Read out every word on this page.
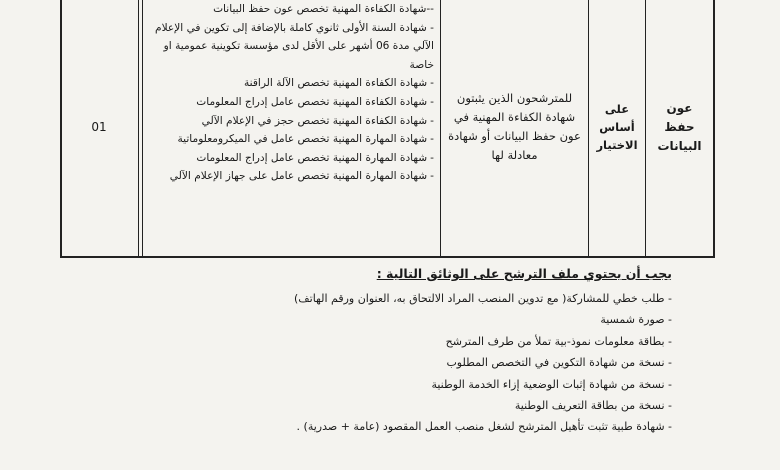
عون حفظ البيانات
على أساس الاختيار
للمترشحون الذين يثبتون شهادة الكفاءة المهنية في عون حفظ البيانات أو شهادة معادلة لها
--شهادة الكفاءة المهنية تخصص عون حفظ البيانات
- شهادة السنة الأولى ثانوي كاملة بالإضافة إلى تكوين في الإعلام الآلي مدة 06 أشهر على الأقل لدى مؤسسة تكوينية عمومية او خاصة
-شهادة الكفاءة المهنية تخصص الآلة الراقنة
-شهادة الكفاءة المهنية تخصص عامل إدراج المعلومات
-شهادة الكفاءة المهنية تخصص حجز في الإعلام الآلي
-شهادة المهارة المهنية تخصص عامل في الميكرومعلوماتية
-شهادة المهارة المهنية تخصص عامل إدراج المعلومات
-شهادة المهارة المهنية تخصص عامل على جهاز الإعلام الآلي
01
يجب أن يحتوي ملف الترشح على الوثائق التالية :
- طلب خطي للمشاركة( مع تدوين المنصب المراد الالتحاق به، العنوان ورقم الهاتف)
- صورة شمسية
- بطاقة معلومات نموذ-بية تملأ من طرف المترشح
- نسخة من شهادة التكوين في التخصص المطلوب
- نسخة من شهادة إثبات الوضعية إزاء الخدمة الوطنية
- نسخة من بطاقة التعريف الوطنية
- شهادة طبية تثبت تأهيل المترشح لشغل منصب العمل المقصود (عامة + صدرية) .
